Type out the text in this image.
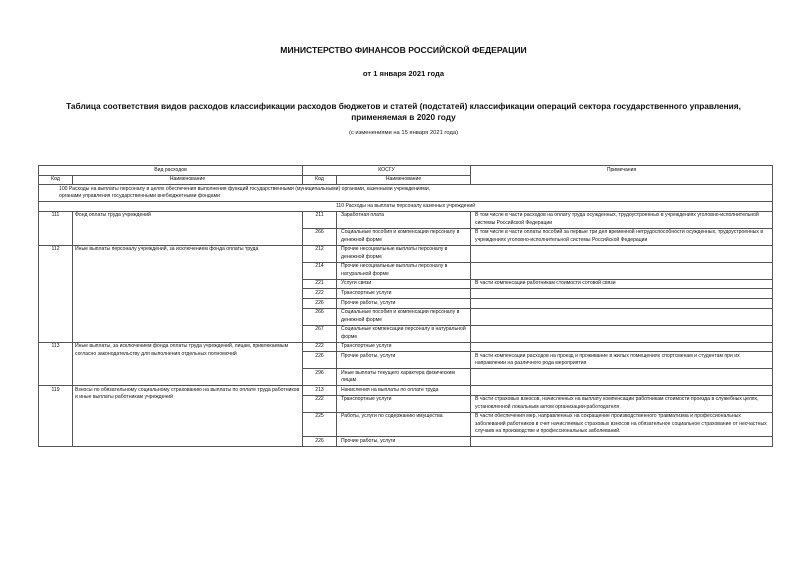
МИНИСТЕРСТВО ФИНАНСОВ РОССИЙСКОЙ ФЕДЕРАЦИИ
от 1 января 2021 года
Таблица соответствия видов расходов классификации расходов бюджетов и статей (подстатей) классификации операций сектора государственного управления,
применяемая в 2020 году
(с изменениями на 15 января 2021 года)
Вид расходов		КОСГУ		Примечания
Код	Наименование	Код	Наименование	
100 Расходы на выплаты персоналу в целях обеспечения выполнения функций государственными (муниципальными) органами, казенными учреждениями, органами управления государственными внебюджетными фондами				
110 Расходы на выплаты персоналу казенных учреждений				
111	Фонд оплаты труда учреждений	211	Заработная плата	В том числе в части расходов на оплату труда осужденных, трудоустроенных в учреждениях уголовно-исполнительной системы Российской Федерации
		266	Социальные пособия и компенсации персоналу в денежной форме	В том числе в части оплаты пособий за первые три дня временной нетрудоспособности осужденных, трудоустроенных в учреждениях уголовно-исполнительной системы Российской Федерации
112	Иные выплаты персоналу учреждений, за исключением фонда оплаты труда	212	Прочие несоциальные выплаты персоналу в денежной форме	
		214	Прочие несоциальные выплаты персоналу в натуральной форме	
		221	Услуги связи	В части компенсации работникам стоимости сотовой связи
		222	Транспортные услуги	
		226	Прочие работы, услуги	
		266	Социальные пособия и компенсации персоналу в денежной форме	
		267	Социальные компенсации персоналу в натуральной форме	
113	Иные выплаты, за исключением фонда оплаты труда учреждений, лицам, привлекаемым согласно законодательству для выполнения отдельных полномочий	222	Транспортные услуги	
		226	Прочие работы, услуги	В части компенсации расходов на проезд и проживание в жилых помещениях спортсменам и студентам при их направлении на различного рода мероприятия
		296	Иные выплаты текущего характера физическим лицам	
119	Взносы по обязательному социальному страхованию на выплаты по оплате труда работников и иные выплаты работникам учреждений	213	Начисления на выплаты по оплате труда	
		222	Транспортные услуги	В части страховых взносов, начисленных на выплату компенсации работникам стоимости проезда в служебных целях, установленной локальным актом организации-работодателя
		225	Работы, услуги по содержанию имущества	В части обеспечения мер, направленных на сокращение производственного травматизма и профессиональных заболеваний работников в счет начисляемых страховых взносов на обязательное социальное страхование от несчастных случаев на производстве и профессиональных заболеваний.
		226	Прочие работы, услуги	
